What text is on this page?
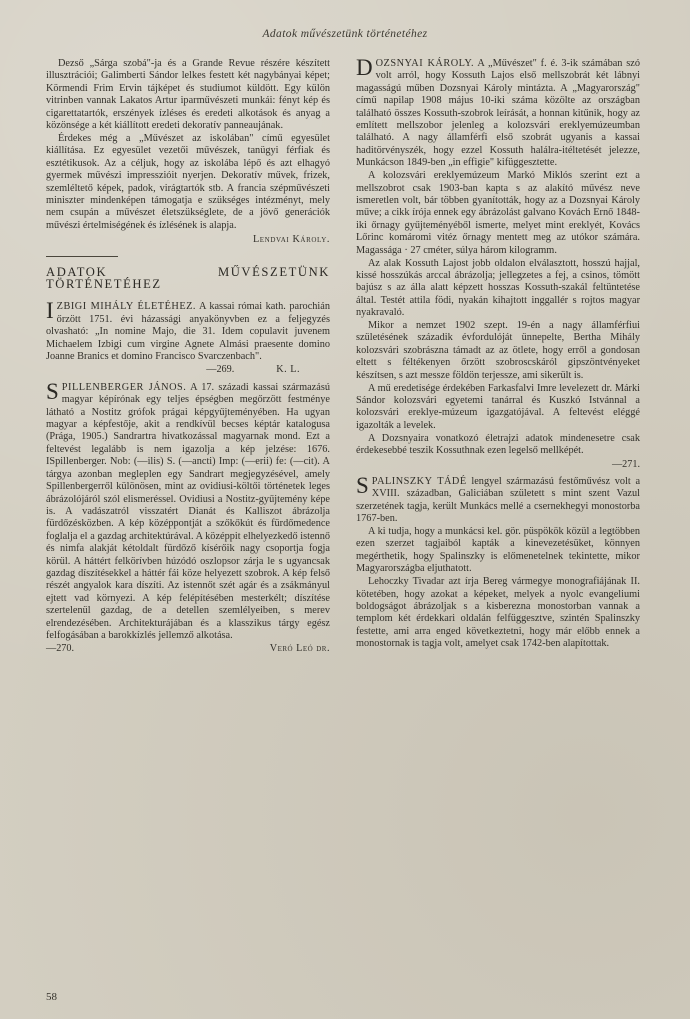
Adatok művészetünk történetéhez

Dezső „Sárga szobá"-ja és a Grande Revue részére készített illusztrációi; Galimberti Sándor lelkes festett két nagybányai képet; Körmendi Frim Ervin tájképet és studiumot küldött. Egy külön vitrinben vannak Lakatos Artur iparművészeti munkái: fényt kép és cigarettatartók, erszények ízléses és eredeti alkotások és anyag a közönsége a két kiállított eredeti dekoratív panneaujának.

Érdekes még a „Művészet az iskolában" című egyesület kiállítása. Ez egyesület vezetői művészek, tanügyi férfiak és esztétikusok. Az a céljuk, hogy az iskolába lépő és azt elhagyó gyermek művészi impresszióit nyerjen. Dekoratív művek, frizek, szemléltető képek, padok, virágtartók stb. A francia szépművészeti miniszter mindenképen támogatja e szükséges intézményt, mely nem csupán a művészet életszükséglete, de a jövő generációk művészi értelmiségének és ízlésének is alapja.

Lendvai Károly.
ADATOK MŰVÉSZETÜNK TÖRTÉNETÉHEZ

IZBIGI MIHÁLY ÉLETÉHEZ. A kassai római kath. parochián őrzött 1751. évi házassági anyakönyvben ez a feljegyzés olvasható: „In nomine Majo, die 31. Idem copulavit juvenem Michaelem Izbigi cum virgine Agnete Almási praesente domino Joanne Branics et domino Francisco Svarczenbach".

—269.	K. L.

SPILLENBERGER JÁNOS. A 17. századi kassai származású magyar képírónak egy teljes épségben megőrzött festménye látható a Nostitz grófok prágai képgyűjteményében. Ha ugyan magyar a képfestője, akit a rendkívül becses képtár katalogusa (Prága, 1905.) Sandrartra hivatkozással magyarnak mond. Ezt a feltevést legalább is nem igazolja a kép jelzése: 1676. ISpillenberger. Nob: (—ilis) S. (—ancti) Imp: (—erii) fe: (—cit). A tárgya azonban megleplen egy Sandrart megjegyzésével, amely Spillenbergerről különösen, mint az ovidiusi-költői történetek leges ábrázolójáról szól elismeréssel. Ovidiusi a Nostitz-gyűjtemény képe is. A vadászatról visszatért Dianát és Kalliszot ábrázolja fürdőzésközben. A kép középpontját a szőkőkút és fürdőmedence foglalja el a gazdag architektúrával. A középpit elhelyezkedő istennő és nimfa alakját kétoldalt fürdőző kísérőik nagy csoportja fogja körül. A háttért felkörívben húzódó oszlopsor zárja le s ugyancsak gazdag díszítésekkel a háttér fái köze helyezett szobrok. A kép felső részét angyalok kara díszíti. Az istennőt szét agár és a zsákmányul ejtett vad környezi. A kép felépítésében mesterkélt; díszítése szertelenül gazdag, de a detellen szemlélyeiben, s merev elrendezésében. Architekturájában és a klasszikus tárgy egész felfogásában a barokkízlés jellemző alkotása.

—270.	Veró Leó dr.

DOZSNYAI KÁROLY. A „Művészet" f. é. 3-ik számában szó volt arról, hogy Kossuth Lajos első mellszobrát két lábnyi magasságú műben Dozsnyai Károly mintázta. A „Magyarország" című napilap 1908 május 10-iki száma közölte az országban található összes Kossuth-szobrok leírását, a honnan kitűnik, hogy az említett mellszobor jelenleg a kolozsvári ereklyemúzeumban található. A nagy államférfi első szobrát ugyanis a kassai haditörvényszék, hogy ezzel Kossuth halálra-itéltetését jelezze, Munkácson 1849-ben „in effigie" kifüggesztette.

A kolozsvári ereklyemúzeum Markó Miklós szerint ezt a mellszobrot csak 1903-ban kapta s az alakító művész neve ismeretlen volt, bár többen gyanították, hogy az a Dozsnyai Károly műve; a cikk írója ennek egy ábrázolást galvano Kovách Ernő 1848-iki őrnagy gyűjteményéből ismerte, melyet mint ereklyét, Kovács Lőrinc komáromi vitéz őrnagy mentett meg az utókor számára. Magassága · 27 cméter, súlya három kilogramm.

Az alak Kossuth Lajost jobb oldalon elválasztott, hosszú hajjal, kissé hosszúkás arccal ábrázolja; jellegzetes a fej, a csinos, tömött bajúsz s az álla alatt képzett hosszas Kossuth-szakál feltüntetése által. Testét attila födi, nyakán kihajtott inggallér s rojtos magyar nyakravaló.

Mikor a nemzet 1902 szept. 19-én a nagy államférfiui születésének századik évfordulóját ünnepelte, Bertha Mihály kolozsvári szobrászna támadt az az ötlete, hogy erről a gondosan eltett s féltékenyen őrzött szobroscskáról gipszöntvényeket készítsen, s azt messze földön terjessze, ami sikerült is.

A mű eredetisége érdekében Farkasfalvi Imre levelezett dr. Márki Sándor kolozsvári egyetemi tanárral és Kuszkó Istvánnal a kolozsvári ereklye-múzeum igazgatójával. A feltevést eléggé igazolták a levelek.

A Dozsnyaira vonatkozó életrajzi adatok mindenesetre csak érdekesebbé teszik Kossuthnak ezen legelső mellképét.

—271.

SPALINSZKY TÁDÉ lengyel származású festőművész volt a XVIII. században, Galiciában született s mint szent Vazul szerzetének tagja, került Munkács mellé a csernekhegyi monostorba 1767-ben.

A ki tudja, hogy a munkácsi kel. gör. püspökök közül a legtöbben ezen szerzet tagjaiból kapták a kinevezetésüket, könnyen megérthetik, hogy Spalinszky is előmenetelnek tekintette, mikor Magyarországba eljuthatott.

Lehoczky Tivadar azt írja Bereg vármegye monografiájának II. kötetében, hogy azokat a képeket, melyek a nyolc evangeliumi boldogságot ábrázoljak s a kisberezna monostorban vannak a templom két érdekkari oldalán felfüggesztve, szintén Spalinszky festette, ami arra enged következtetni, hogy már előbb ennek a monostornak is tagja volt, amelyet csak 1742-ben alapítottak.

58
